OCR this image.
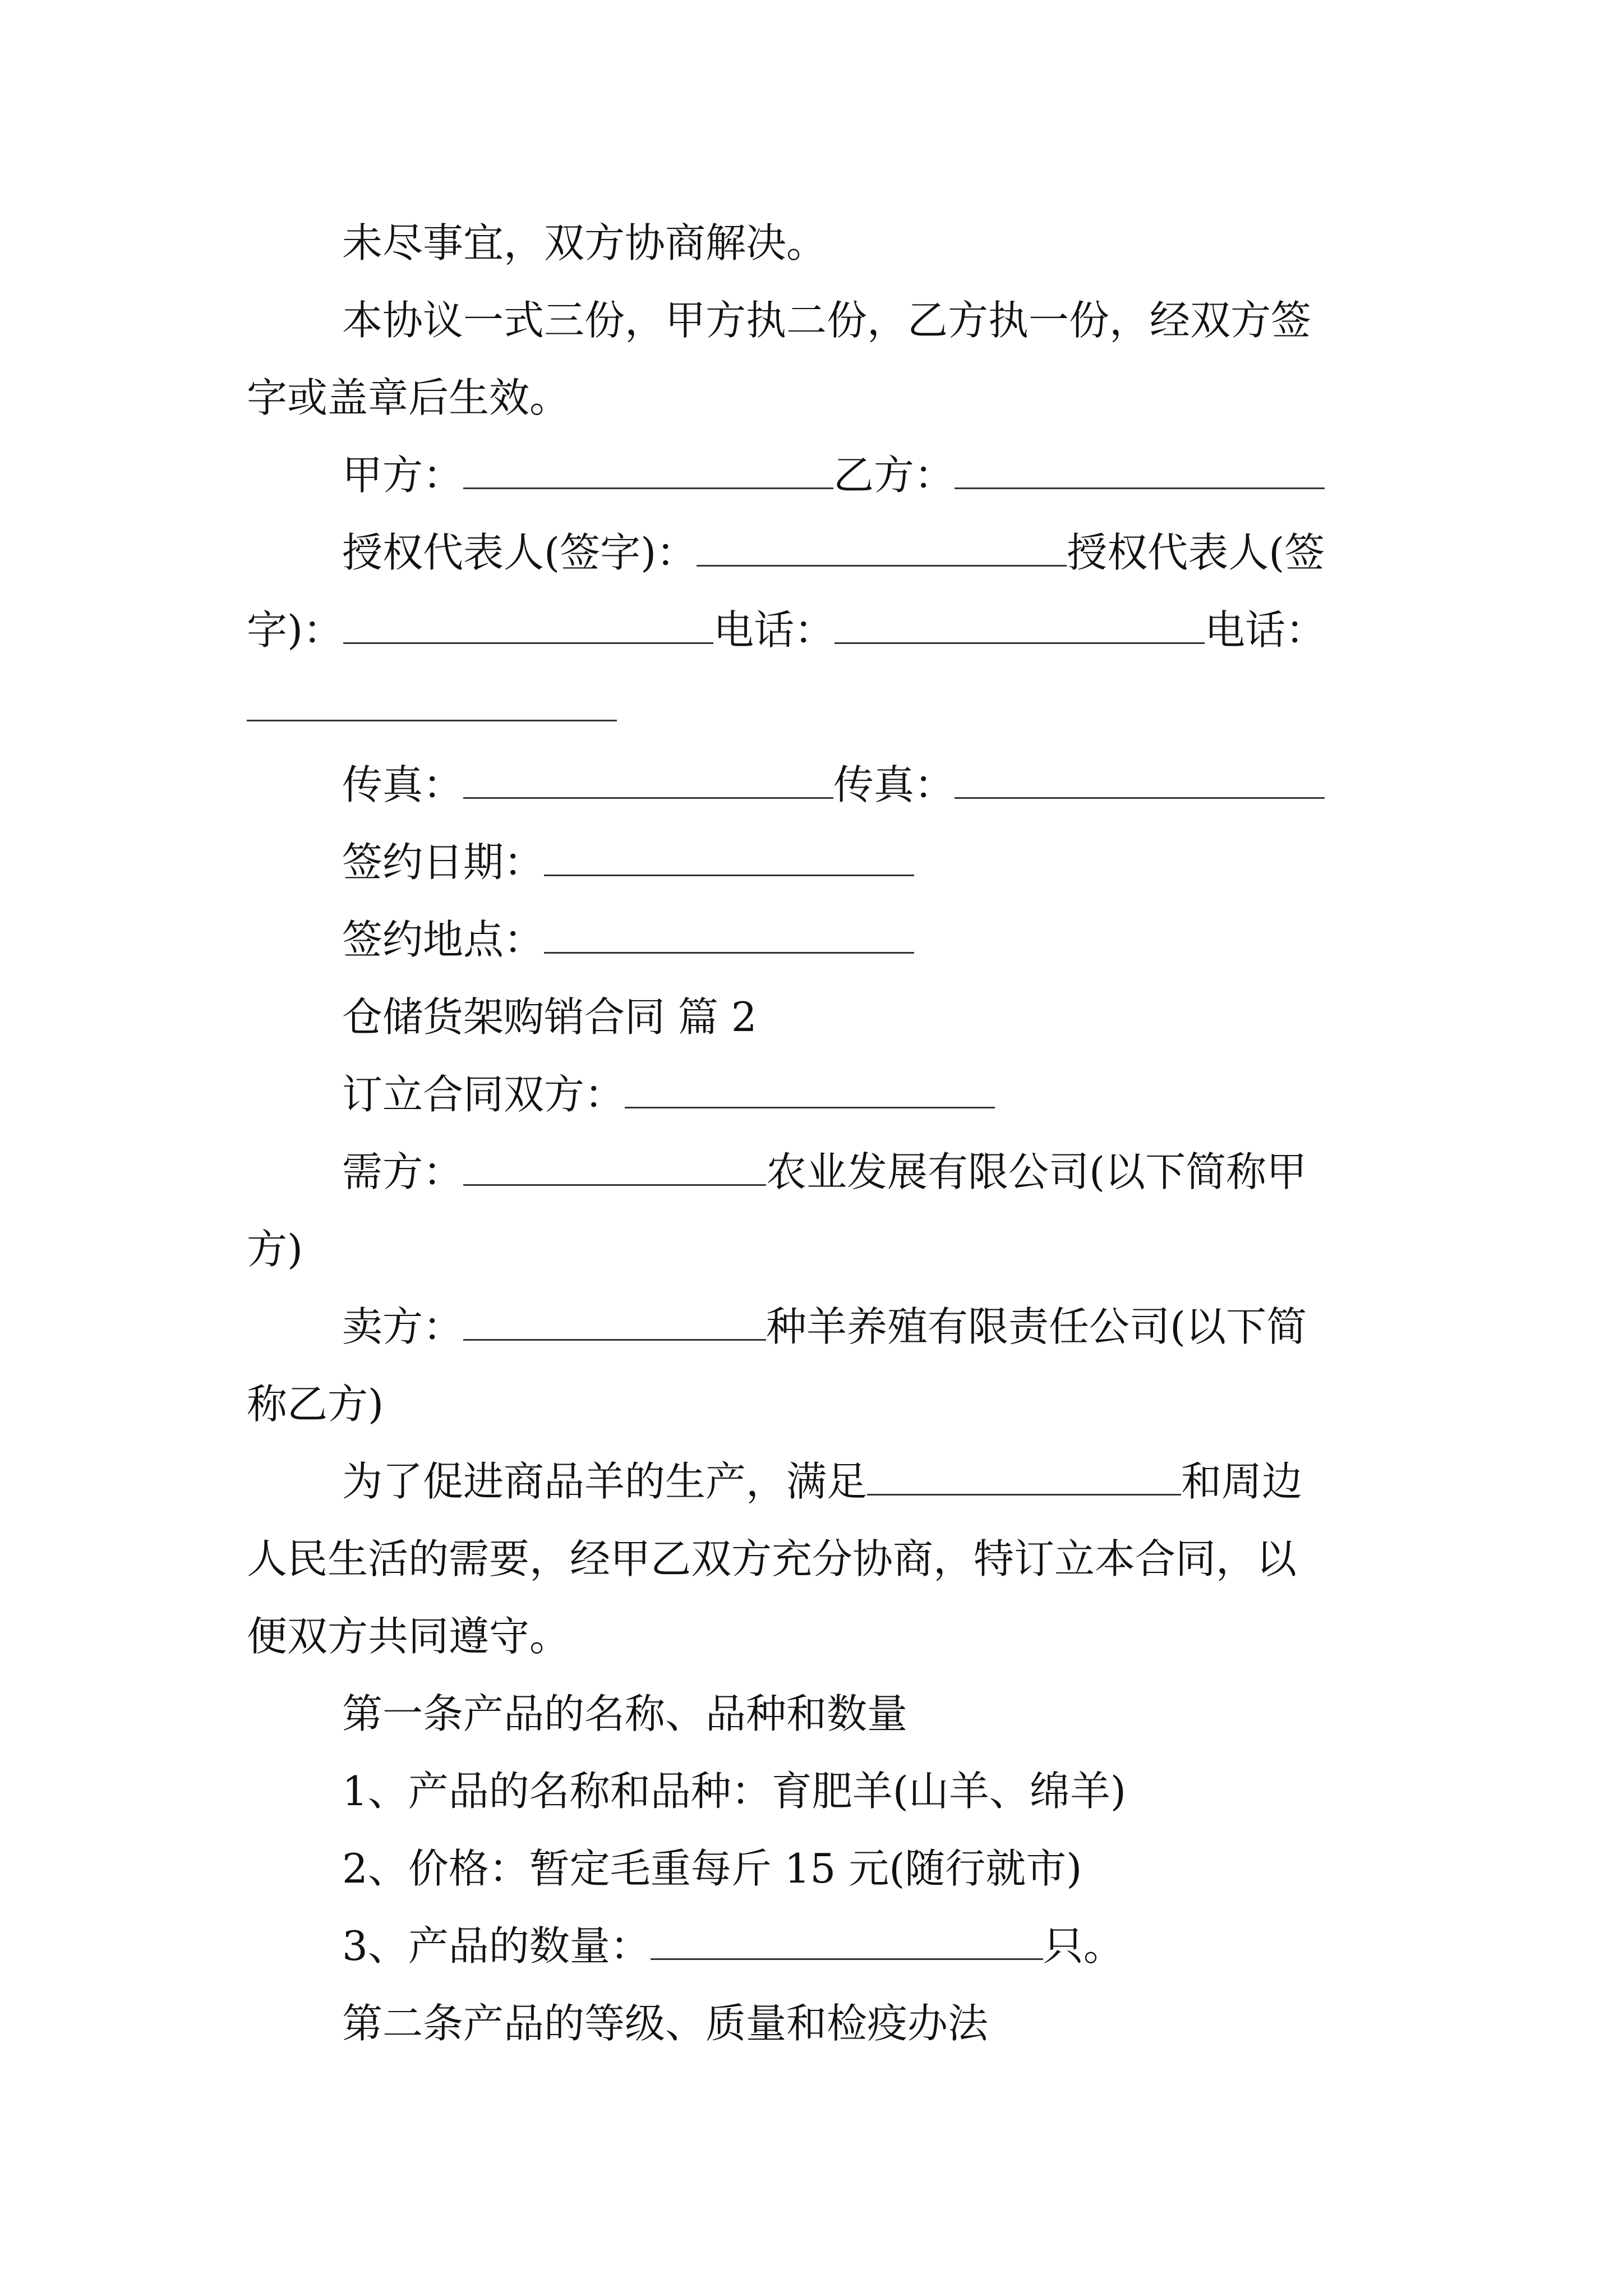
未尽事宜，双方协商解决。
本协议一式三份，甲方执二份，乙方执一份，经双方签
字或盖章后生效。
甲方：	乙方：
授权代表人(签字)：	授权代表人(签
字)：	电话：	电话：
传真：	传真：
签约日期：
签约地点：
仓储货架购销合同 篇 2
订立合同双方：
需方：	农业发展有限公司(以下简称甲
方)
卖方：	种羊养殖有限责任公司(以下简
称乙方)
为了促进商品羊的生产，满足	和周边
人民生活的需要，经甲乙双方充分协商，特订立本合同，以
便双方共同遵守。
第一条产品的名称、品种和数量
1、产品的名称和品种：育肥羊(山羊、绵羊)
2、价格：暂定毛重每斤 15 元(随行就市)
3、产品的数量：	只。
第二条产品的等级、质量和检疫办法
